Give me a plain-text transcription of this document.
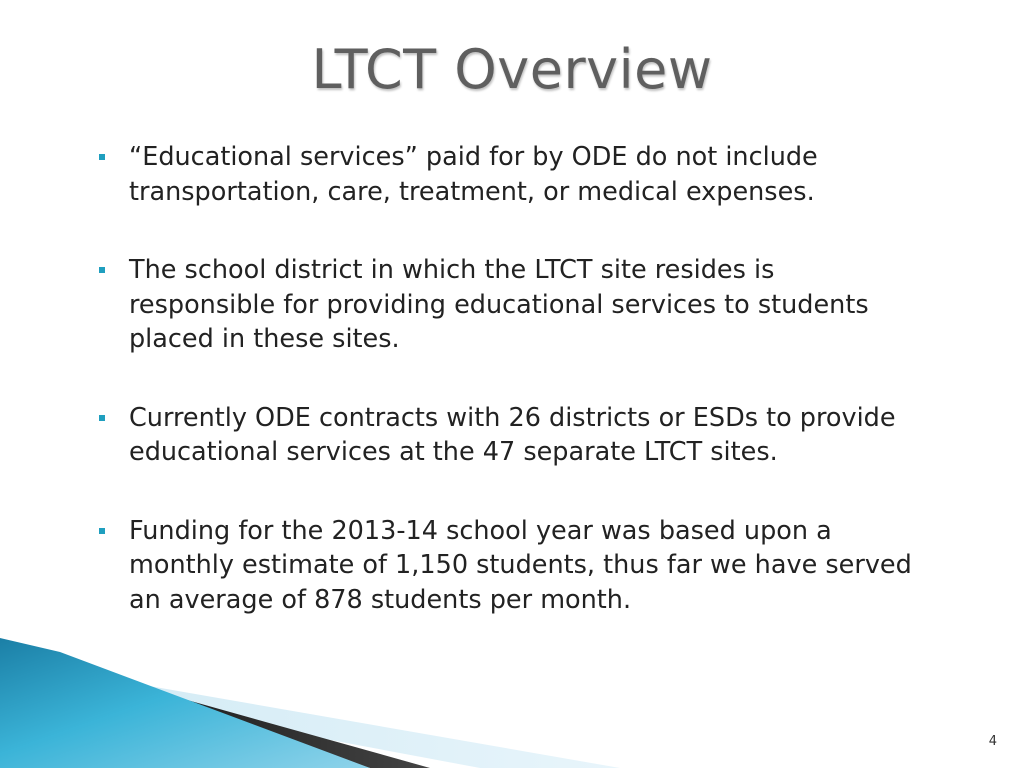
LTCT Overview
“Educational services” paid for by ODE do not include transportation, care, treatment, or medical expenses.
The school district in which the LTCT site resides is responsible for providing educational services to students placed in these sites.
Currently ODE contracts with 26 districts or ESDs to provide educational services at the 47 separate LTCT sites.
Funding for the 2013-14 school year was based upon a monthly estimate of 1,150 students, thus far we have served an average of 878 students per month.
4
